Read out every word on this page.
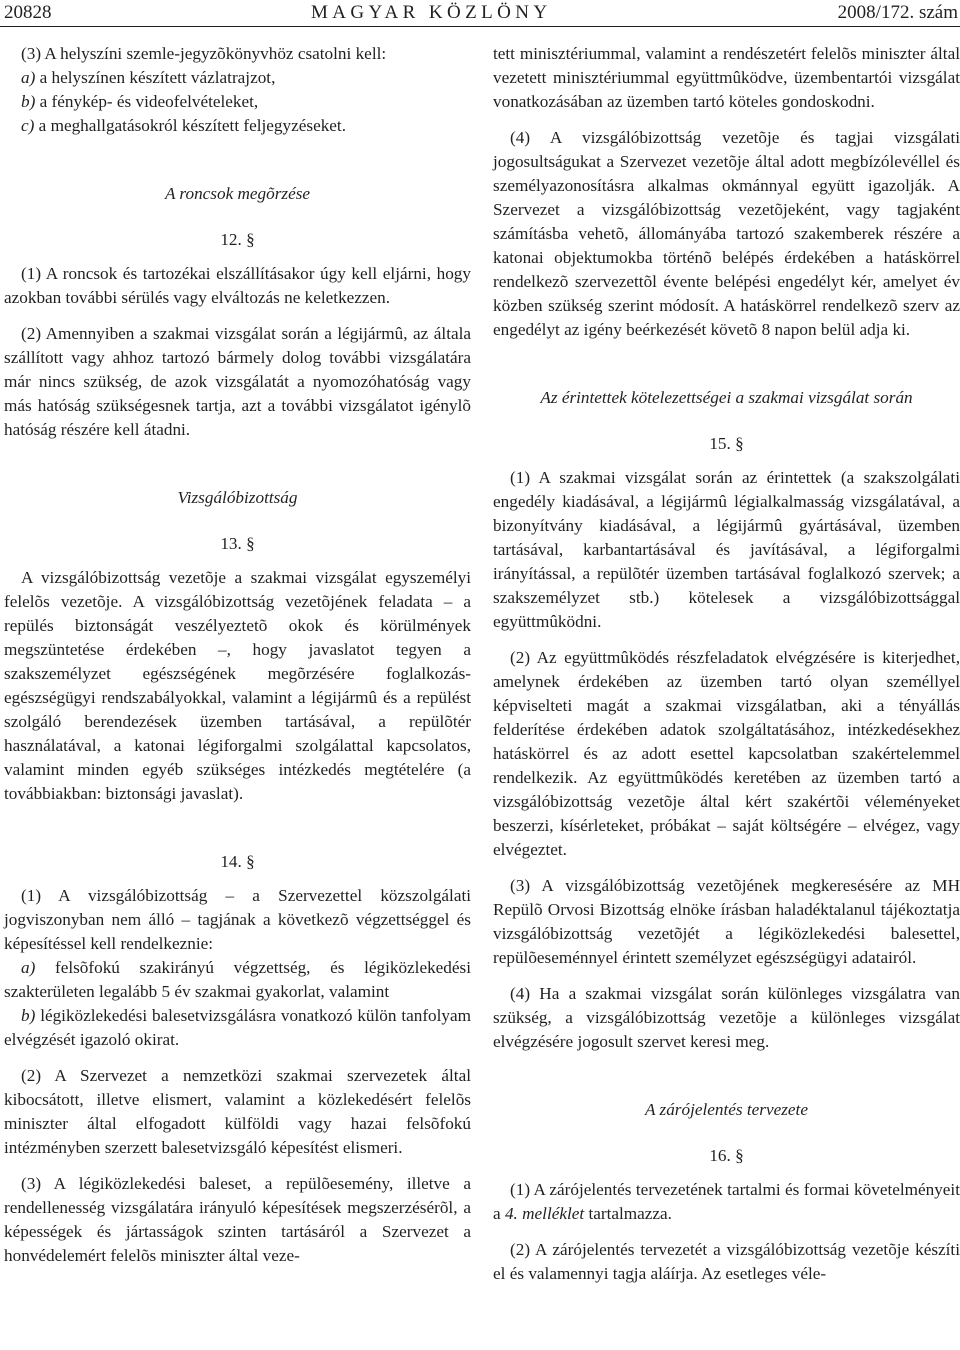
20828	MAGYAR KÖZLÖNY	2008/172. szám

(3) A helyszíni szemle-jegyzõkönyvhöz csatolni kell:

a) a helyszínen készített vázlatrajzot,

b) a fénykép- és videofelvételeket,

c) a meghallgatásokról készített feljegyzéseket.

A roncsok megõrzése

12. §

(1) A roncsok és tartozékai elszállításakor úgy kell eljárni, hogy azokban további sérülés vagy elváltozás ne keletkezzen.

(2) Amennyiben a szakmai vizsgálat során a légijármû, az általa szállított vagy ahhoz tartozó bármely dolog további vizsgálatára már nincs szükség, de azok vizsgálatát a nyomozóhatóság vagy más hatóság szükségesnek tartja, azt a további vizsgálatot igénylõ hatóság részére kell átadni.

Vizsgálóbizottság

13. §

A vizsgálóbizottság vezetõje a szakmai vizsgálat egyszemélyi felelõs vezetõje. A vizsgálóbizottság vezetõjének feladata – a repülés biztonságát veszélyeztetõ okok és körülmények megszüntetése érdekében –, hogy javaslatot tegyen a szakszemélyzet egészségének megõrzésére foglalkozás-egészségügyi rendszabályokkal, valamint a légijármû és a repülést szolgáló berendezések üzemben tartásával, a repülõtér használatával, a katonai légiforgalmi szolgálattal kapcsolatos, valamint minden egyéb szükséges intézkedés megtételére (a továbbiakban: biztonsági javaslat).

14. §

(1) A vizsgálóbizottság – a Szervezettel közszolgálati jogviszonyban nem álló – tagjának a következõ végzettséggel és képesítéssel kell rendelkeznie:

a) felsõfokú szakirányú végzettség, és légiközlekedési szakterületen legalább 5 év szakmai gyakorlat, valamint

b) légiközlekedési balesetvizsgálásra vonatkozó külön tanfolyam elvégzését igazoló okirat.

(2) A Szervezet a nemzetközi szakmai szervezetek által kibocsátott, illetve elismert, valamint a közlekedésért felelõs miniszter által elfogadott külföldi vagy hazai felsõfokú intézményben szerzett balesetvizsgáló képesítést elismeri.

(3) A légiközlekedési baleset, a repülõesemény, illetve a rendellenesség vizsgálatára irányuló képesítések megszerzésérõl, a képességek és jártasságok szinten tartásáról a Szervezet a honvédelemért felelõs miniszter által veze-

tett minisztériummal, valamint a rendészetért felelõs miniszter által vezetett minisztériummal együttmûködve, üzembentartói vizsgálat vonatkozásában az üzemben tartó köteles gondoskodni.

(4) A vizsgálóbizottság vezetõje és tagjai vizsgálati jogosultságukat a Szervezet vezetõje által adott megbízólevéllel és személyazonosításra alkalmas okmánnyal együtt igazolják. A Szervezet a vizsgálóbizottság vezetõjeként, vagy tagjaként számításba vehetõ, állományába tartozó szakemberek részére a katonai objektumokba történõ belépés érdekében a hatáskörrel rendelkezõ szervezettõl évente belépési engedélyt kér, amelyet év közben szükség szerint módosít. A hatáskörrel rendelkezõ szerv az engedélyt az igény beérkezését követõ 8 napon belül adja ki.

Az érintettek kötelezettségei a szakmai vizsgálat során

15. §

(1) A szakmai vizsgálat során az érintettek (a szakszolgálati engedély kiadásával, a légijármû légialkalmasság vizsgálatával, a bizonyítvány kiadásával, a légijármû gyártásával, üzemben tartásával, karbantartásával és javításával, a légiforgalmi irányítással, a repülõtér üzemben tartásával foglalkozó szervek; a szakszemélyzet stb.) kötelesek a vizsgálóbizottsággal együttmûködni.

(2) Az együttmûködés részfeladatok elvégzésére is kiterjedhet, amelynek érdekében az üzemben tartó olyan személlyel képviselteti magát a szakmai vizsgálatban, aki a tényállás felderítése érdekében adatok szolgáltatásához, intézkedésekhez hatáskörrel és az adott esettel kapcsolatban szakértelemmel rendelkezik. Az együttmûködés keretében az üzemben tartó a vizsgálóbizottság vezetõje által kért szakértõi véleményeket beszerzi, kísérleteket, próbákat – saját költségére – elvégez, vagy elvégeztet.

(3) A vizsgálóbizottság vezetõjének megkeresésére az MH Repülõ Orvosi Bizottság elnöke írásban haladéktalanul tájékoztatja vizsgálóbizottság vezetõjét a légiközlekedési balesettel, repülõeseménnyel érintett személyzet egészségügyi adatairól.

(4) Ha a szakmai vizsgálat során különleges vizsgálatra van szükség, a vizsgálóbizottság vezetõje a különleges vizsgálat elvégzésére jogosult szervet keresi meg.

A zárójelentés tervezete

16. §

(1) A zárójelentés tervezetének tartalmi és formai követelményeit a 4. melléklet tartalmazza.

(2) A zárójelentés tervezetét a vizsgálóbizottság vezetõje készíti el és valamennyi tagja aláírja. Az esetleges véle-
